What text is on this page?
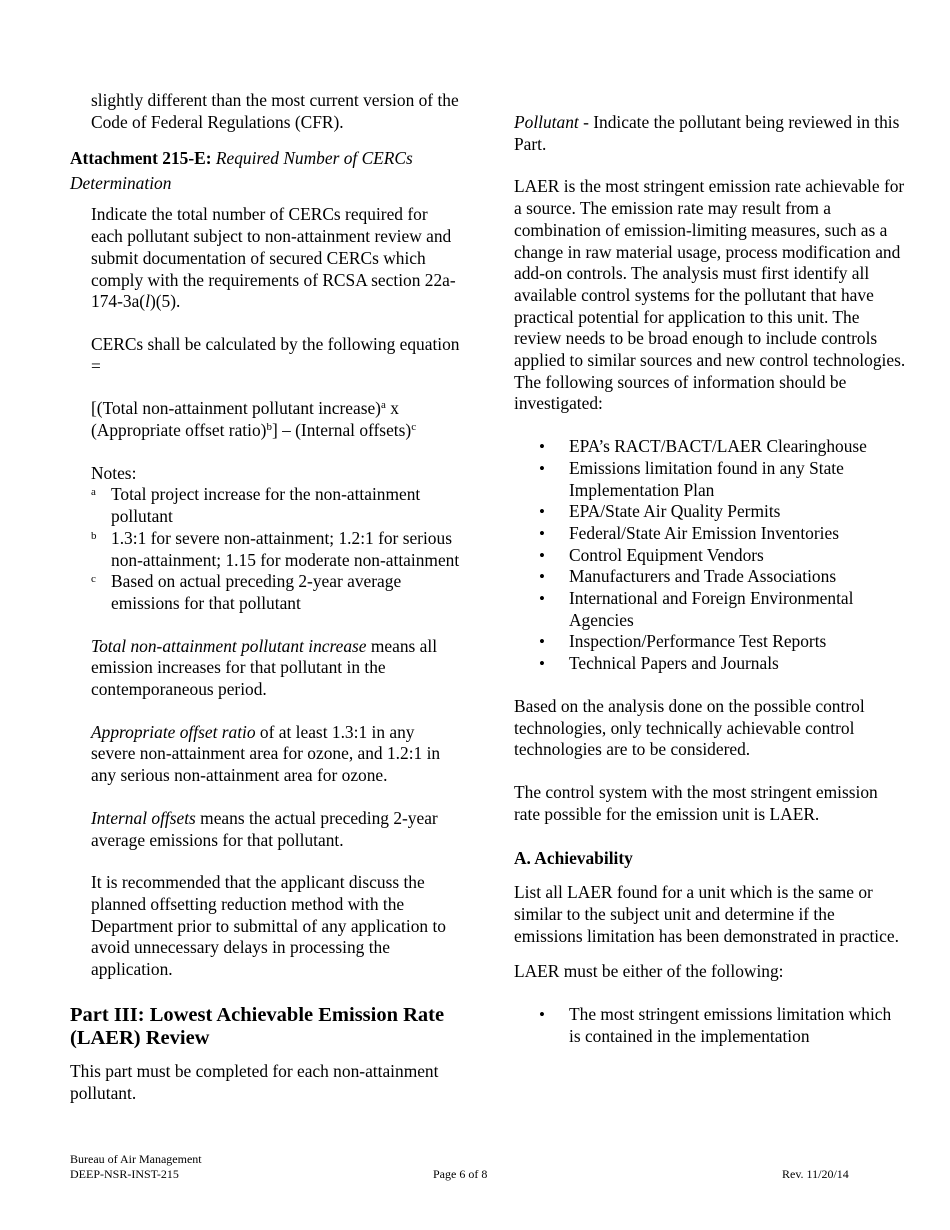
slightly different than the most current version of the Code of Federal Regulations (CFR).

Attachment 215-E: Required Number of CERCs Determination

Indicate the total number of CERCs required for each pollutant subject to non-attainment review and submit documentation of secured CERCs which comply with the requirements of RCSA section 22a-174-3a(l)(5).

CERCs shall be calculated by the following equation =

[(Total non-attainment pollutant increase)$^a$ x (Appropriate offset ratio)$^b$] – (Internal offsets)$^c$

Notes:

a Total project increase for the non-attainment pollutant
b 1.3:1 for severe non-attainment; 1.2:1 for serious non-attainment; 1.15 for moderate non-attainment
c Based on actual preceding 2-year average emissions for that pollutant

Total non-attainment pollutant increase means all emission increases for that pollutant in the contemporaneous period.

Appropriate offset ratio of at least 1.3:1 in any severe non-attainment area for ozone, and 1.2:1 in any serious non-attainment area for ozone.

Internal offsets means the actual preceding 2-year average emissions for that pollutant.

It is recommended that the applicant discuss the planned offsetting reduction method with the Department prior to submittal of any application to avoid unnecessary delays in processing the application.

Part III: Lowest Achievable Emission Rate (LAER) Review

This part must be completed for each non-attainment pollutant.

Pollutant - Indicate the pollutant being reviewed in this Part.

LAER is the most stringent emission rate achievable for a source. The emission rate may result from a combination of emission-limiting measures, such as a change in raw material usage, process modification and add-on controls. The analysis must first identify all available control systems for the pollutant that have practical potential for application to this unit. The review needs to be broad enough to include controls applied to similar sources and new control technologies. The following sources of information should be investigated:

• EPA’s RACT/BACT/LAER Clearinghouse
• Emissions limitation found in any State Implementation Plan
• EPA/State Air Quality Permits
• Federal/State Air Emission Inventories
• Control Equipment Vendors
• Manufacturers and Trade Associations
• International and Foreign Environmental Agencies
• Inspection/Performance Test Reports
• Technical Papers and Journals

Based on the analysis done on the possible control technologies, only technically achievable control technologies are to be considered.

The control system with the most stringent emission rate possible for the emission unit is LAER.

A. Achievability

List all LAER found for a unit which is the same or similar to the subject unit and determine if the emissions limitation has been demonstrated in practice.

LAER must be either of the following:

• The most stringent emissions limitation which is contained in the implementation
Bureau of Air Management
DEEP-NSR-INST-215	Page 6 of 8	Rev. 11/20/14
